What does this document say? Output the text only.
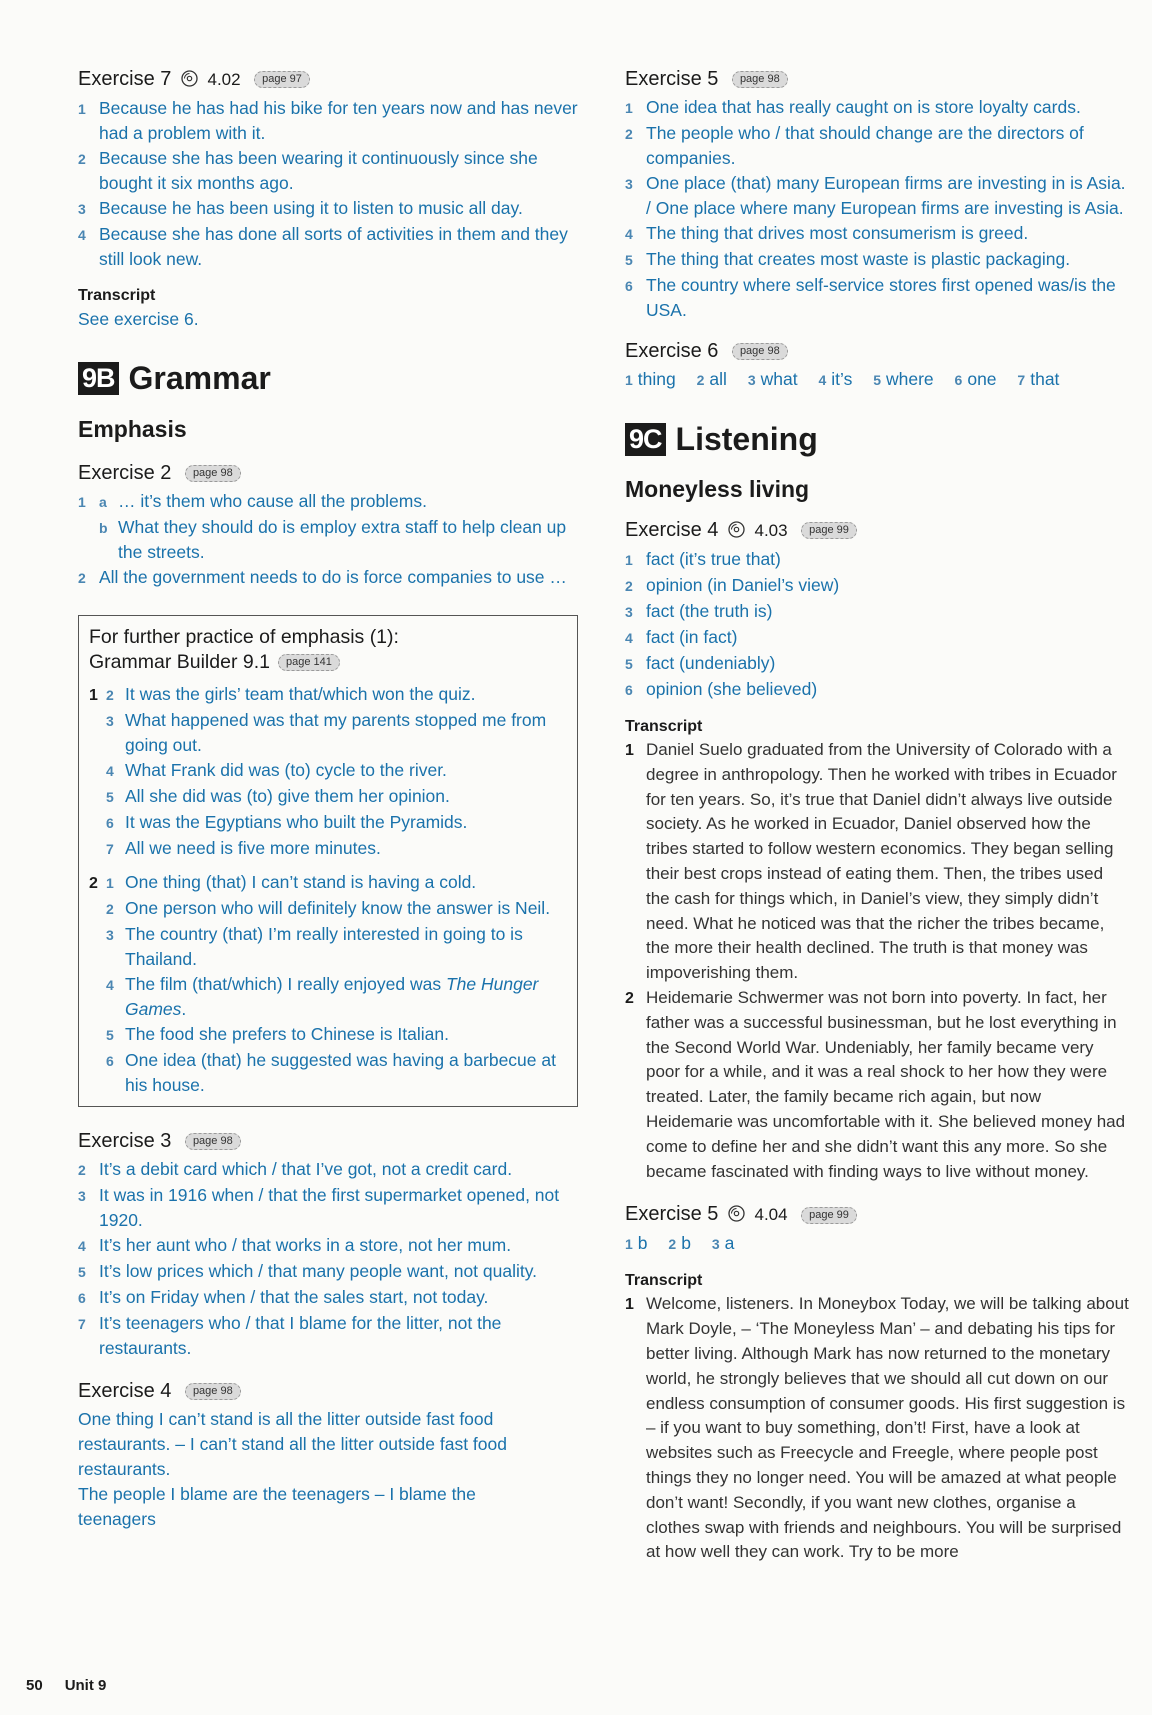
Exercise 7 4.02 page 97
1 Because he has had his bike for ten years now and has never had a problem with it.
2 Because she has been wearing it continuously since she bought it six months ago.
3 Because he has been using it to listen to music all day.
4 Because she has done all sorts of activities in them and they still look new.
Transcript
See exercise 6.
9B Grammar
Emphasis
Exercise 2 page 98
1 a … it’s them who cause all the problems.
b What they should do is employ extra staff to help clean up the streets.
2 All the government needs to do is force companies to use …
For further practice of emphasis (1):
Grammar Builder 9.1 page 141
1 2 It was the girls’ team that/which won the quiz.
3 What happened was that my parents stopped me from going out.
4 What Frank did was (to) cycle to the river.
5 All she did was (to) give them her opinion.
6 It was the Egyptians who built the Pyramids.
7 All we need is five more minutes.
2 1 One thing (that) I can’t stand is having a cold.
2 One person who will definitely know the answer is Neil.
3 The country (that) I’m really interested in going to is Thailand.
4 The film (that/which) I really enjoyed was The Hunger Games.
5 The food she prefers to Chinese is Italian.
6 One idea (that) he suggested was having a barbecue at his house.
Exercise 3 page 98
2 It’s a debit card which / that I’ve got, not a credit card.
3 It was in 1916 when / that the first supermarket opened, not 1920.
4 It’s her aunt who / that works in a store, not her mum.
5 It’s low prices which / that many people want, not quality.
6 It’s on Friday when / that the sales start, not today.
7 It’s teenagers who / that I blame for the litter, not the restaurants.
Exercise 4 page 98
One thing I can’t stand is all the litter outside fast food restaurants. – I can’t stand all the litter outside fast food restaurants.
The people I blame are the teenagers – I blame the teenagers
Exercise 5 page 98
1 One idea that has really caught on is store loyalty cards.
2 The people who / that should change are the directors of companies.
3 One place (that) many European firms are investing in is Asia. / One place where many European firms are investing is Asia.
4 The thing that drives most consumerism is greed.
5 The thing that creates most waste is plastic packaging.
6 The country where self-service stores first opened was/is the USA.
Exercise 6 page 98
1 thing 2 all 3 what 4 it’s 5 where 6 one 7 that
9C Listening
Moneyless living
Exercise 4 4.03 page 99
1 fact (it’s true that)
2 opinion (in Daniel’s view)
3 fact (the truth is)
4 fact (in fact)
5 fact (undeniably)
6 opinion (she believed)
Transcript
1 Daniel Suelo graduated from the University of Colorado with a degree in anthropology. Then he worked with tribes in Ecuador for ten years. So, it’s true that Daniel didn’t always live outside society. As he worked in Ecuador, Daniel observed how the tribes started to follow western economics. They began selling their best crops instead of eating them. Then, the tribes used the cash for things which, in Daniel’s view, they simply didn’t need. What he noticed was that the richer the tribes became, the more their health declined. The truth is that money was impoverishing them.
2 Heidemarie Schwermer was not born into poverty. In fact, her father was a successful businessman, but he lost everything in the Second World War. Undeniably, her family became very poor for a while, and it was a real shock to her how they were treated. Later, the family became rich again, but now Heidemarie was uncomfortable with it. She believed money had come to define her and she didn’t want this any more. So she became fascinated with finding ways to live without money.
Exercise 5 4.04 page 99
1 b 2 b 3 a
Transcript
1 Welcome, listeners. In Moneybox Today, we will be talking about Mark Doyle, – ‘The Moneyless Man’ – and debating his tips for better living. Although Mark has now returned to the monetary world, he strongly believes that we should all cut down on our endless consumption of consumer goods. His first suggestion is – if you want to buy something, don’t! First, have a look at websites such as Freecycle and Freegle, where people post things they no longer need. You will be amazed at what people don’t want! Secondly, if you want new clothes, organise a clothes swap with friends and neighbours. You will be surprised at how well they can work. Try to be more
50 Unit 9
